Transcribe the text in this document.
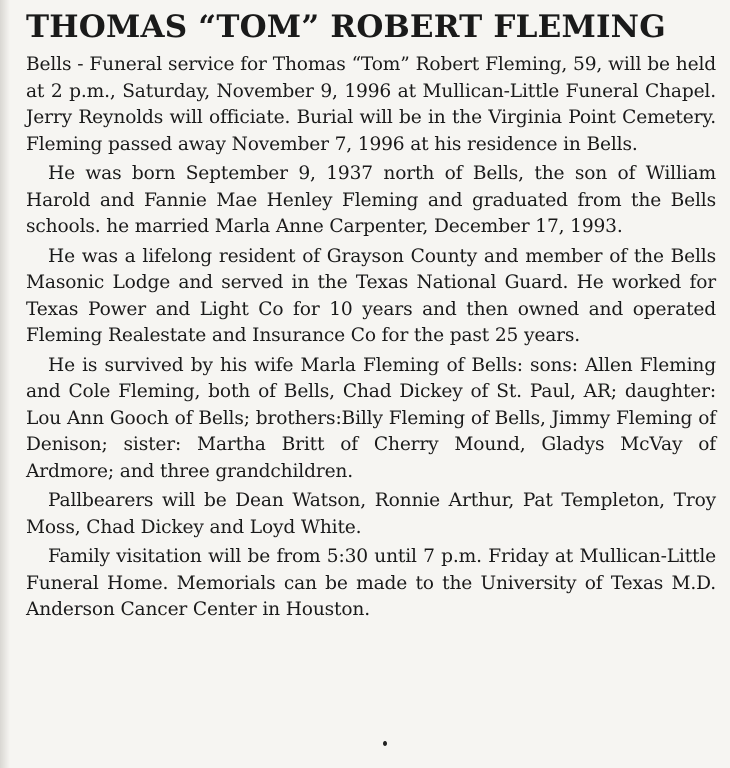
THOMAS “TOM” ROBERT FLEMING

Bells - Funeral service for Thomas “Tom” Robert Fleming, 59, will be held at 2 p.m., Saturday, November 9, 1996 at Mullican-Little Funeral Chapel. Jerry Reynolds will officiate. Burial will be in the Virginia Point Cemetery. Fleming passed away November 7, 1996 at his residence in Bells.

He was born September 9, 1937 north of Bells, the son of William Harold and Fannie Mae Henley Fleming and graduated from the Bells schools. he married Marla Anne Carpenter, December 17, 1993.

He was a lifelong resident of Grayson County and member of the Bells Masonic Lodge and served in the Texas National Guard. He worked for Texas Power and Light Co for 10 years and then owned and operated Fleming Realestate and Insurance Co for the past 25 years.

He is survived by his wife Marla Fleming of Bells: sons: Allen Fleming and Cole Fleming, both of Bells, Chad Dickey of St. Paul, AR; daughter: Lou Ann Gooch of Bells; brothers:Billy Fleming of Bells, Jimmy Fleming of Denison; sister: Martha Britt of Cherry Mound, Gladys McVay of Ardmore; and three grandchildren.

Pallbearers will be Dean Watson, Ronnie Arthur, Pat Templeton, Troy Moss, Chad Dickey and Loyd White.

Family visitation will be from 5:30 until 7 p.m. Friday at Mullican-Little Funeral Home. Memorials can be made to the University of Texas M.D. Anderson Cancer Center in Houston.
